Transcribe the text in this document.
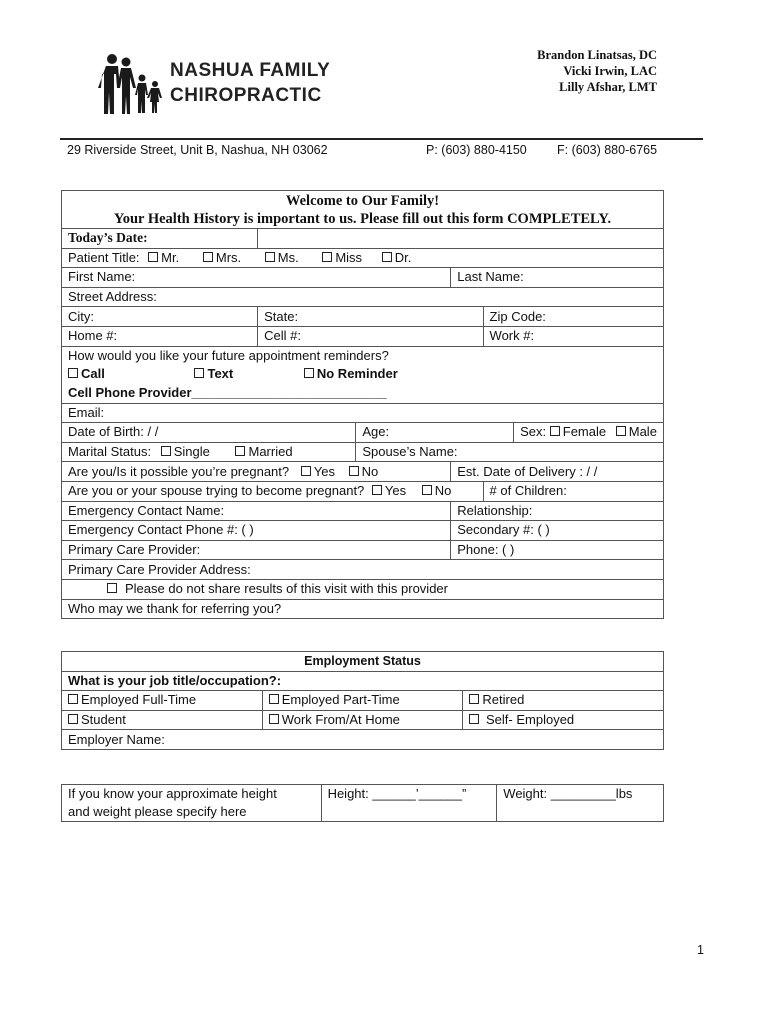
NASHUA FAMILY
CHIROPRACTIC
Brandon Linatsas, DC
Vicki Irwin, LAC
Lilly Afshar, LMT
29 Riverside Street, Unit B, Nashua, NH 03062	P: (603) 880-4150 F: (603) 880-6765
Welcome to Our Family!					
Your Health History is important to us. Please fill out this form COMPLETELY.					
Today’s Date:					
Patient Title: Mr. Mrs. Ms. Miss Dr.					
First Name:			Last Name:		
Street Address:					
City:	State:			Zip Code:	
Home #:	Cell #:			Work #:	

How would you like your future appointment reminders?
Call Text No Reminder
Cell Phone Provider___________________________					

Email:					
Date of Birth: / /		Age:			Sex: Female Male
Marital Status: Single Married		Spouse’s Name:			
Are you/Is it possible you’re pregnant? Yes No			Est. Date of Delivery : / /		
Are you or your spouse trying to become pregnant? Yes No				# of Children:	
Emergency Contact Name:			Relationship:		
Emergency Contact Phone #: ( )			Secondary #: ( )		
Primary Care Provider:			Phone: ( )		
Primary Care Provider Address:					
Please do not share results of this visit with this provider					
Who may we thank for referring you?					
Employment Status		
What is your job title/occupation?:		
Employed Full-Time	Employed Part-Time	Retired
Student	Work From/At Home	Self- Employed
Employer Name:		
If you know your approximate height
and weight please specify here
	Height: ______’______”	Weight: _________lbs
1
